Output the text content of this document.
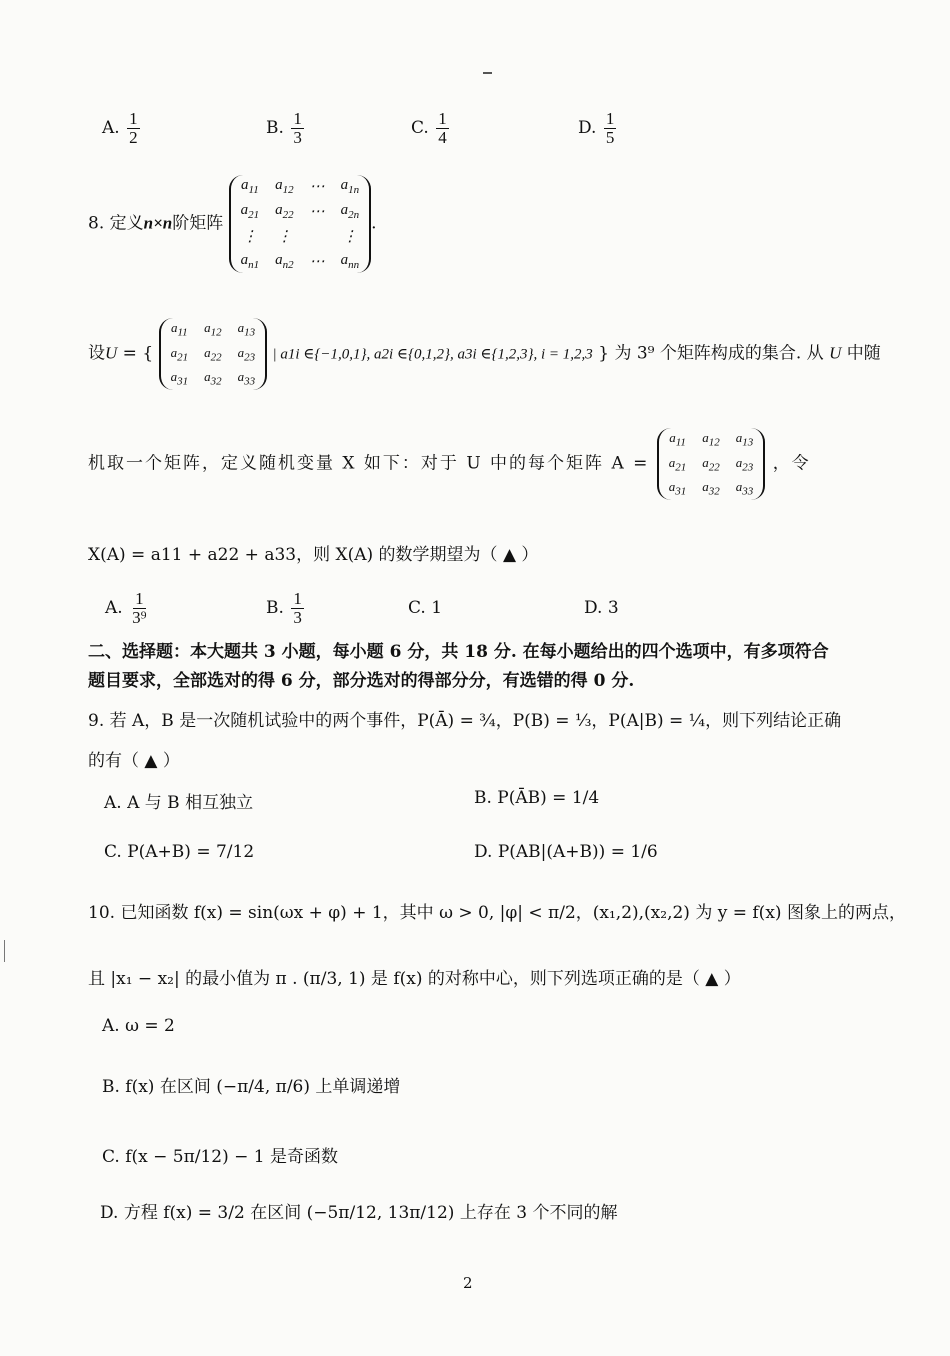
A. $\frac{1}{2}$	B. $\frac{1}{3}$	C. $\frac{1}{4}$	D. $\frac{1}{5}$
8. 定义n×n阶矩阵
$a_{11}$ $a_{12}$ ⋯ $a_{1n}$
$a_{21}$ $a_{22}$ ⋯ $a_{2n}$
⋮ ⋮	⋮
$a_{n1}$ $a_{n2}$ ⋯ $a_{nn}$
.
设U = {
$a_{11}$ $a_{12}$ $a_{13}$
$a_{21}$ $a_{22}$ $a_{23}$
$a_{31}$ $a_{32}$ $a_{33}$
| a1i ∈{−1,0,1}, a2i ∈{0,1,2}, a3i ∈{1,2,3}, i = 1,2,3 } 为 3⁹ 个矩阵构成的集合. 从 U 中随
机取一个矩阵，定义随机变量 X 如下：对于 U 中的每个矩阵 A =
$a_{11}$ $a_{12}$ $a_{13}$
$a_{21}$ $a_{22}$ $a_{23}$
$a_{31}$ $a_{32}$ $a_{33}$
，令
X(A) = a11 + a22 + a33，则 X(A) 的数学期望为（ ▲ ）
A. $\frac{1}{\text{3⁹}}$	B. $\frac{1}{3}$	C. 1	D. 3
二、选择题：本大题共 3 小题，每小题 6 分，共 18 分. 在每小题给出的四个选项中，有多项符合
题目要求，全部选对的得 6 分，部分选对的得部分分，有选错的得 0 分.
9. 若 A，B 是一次随机试验中的两个事件，P(Ā) = ¾，P(B) = ⅓，P(A|B) = ¼，则下列结论正确
的有（ ▲ ）
A. A 与 B 相互独立	B. P(ĀB) = 1/4
C. P(A+B) = 7/12	D. P(AB|(A+B)) = 1/6
10. 已知函数 f(x) = sin(ωx + φ) + 1，其中 ω > 0, |φ| < π/2，(x₁,2),(x₂,2) 为 y = f(x) 图象上的两点，
且 |x₁ − x₂| 的最小值为 π . (π/3, 1) 是 f(x) 的对称中心，则下列选项正确的是（ ▲ ）
A. ω = 2
B. f(x) 在区间 (−π/4, π/6) 上单调递增
C. f(x − 5π/12) − 1 是奇函数
D. 方程 f(x) = 3/2 在区间 (−5π/12, 13π/12) 上存在 3 个不同的解
2
